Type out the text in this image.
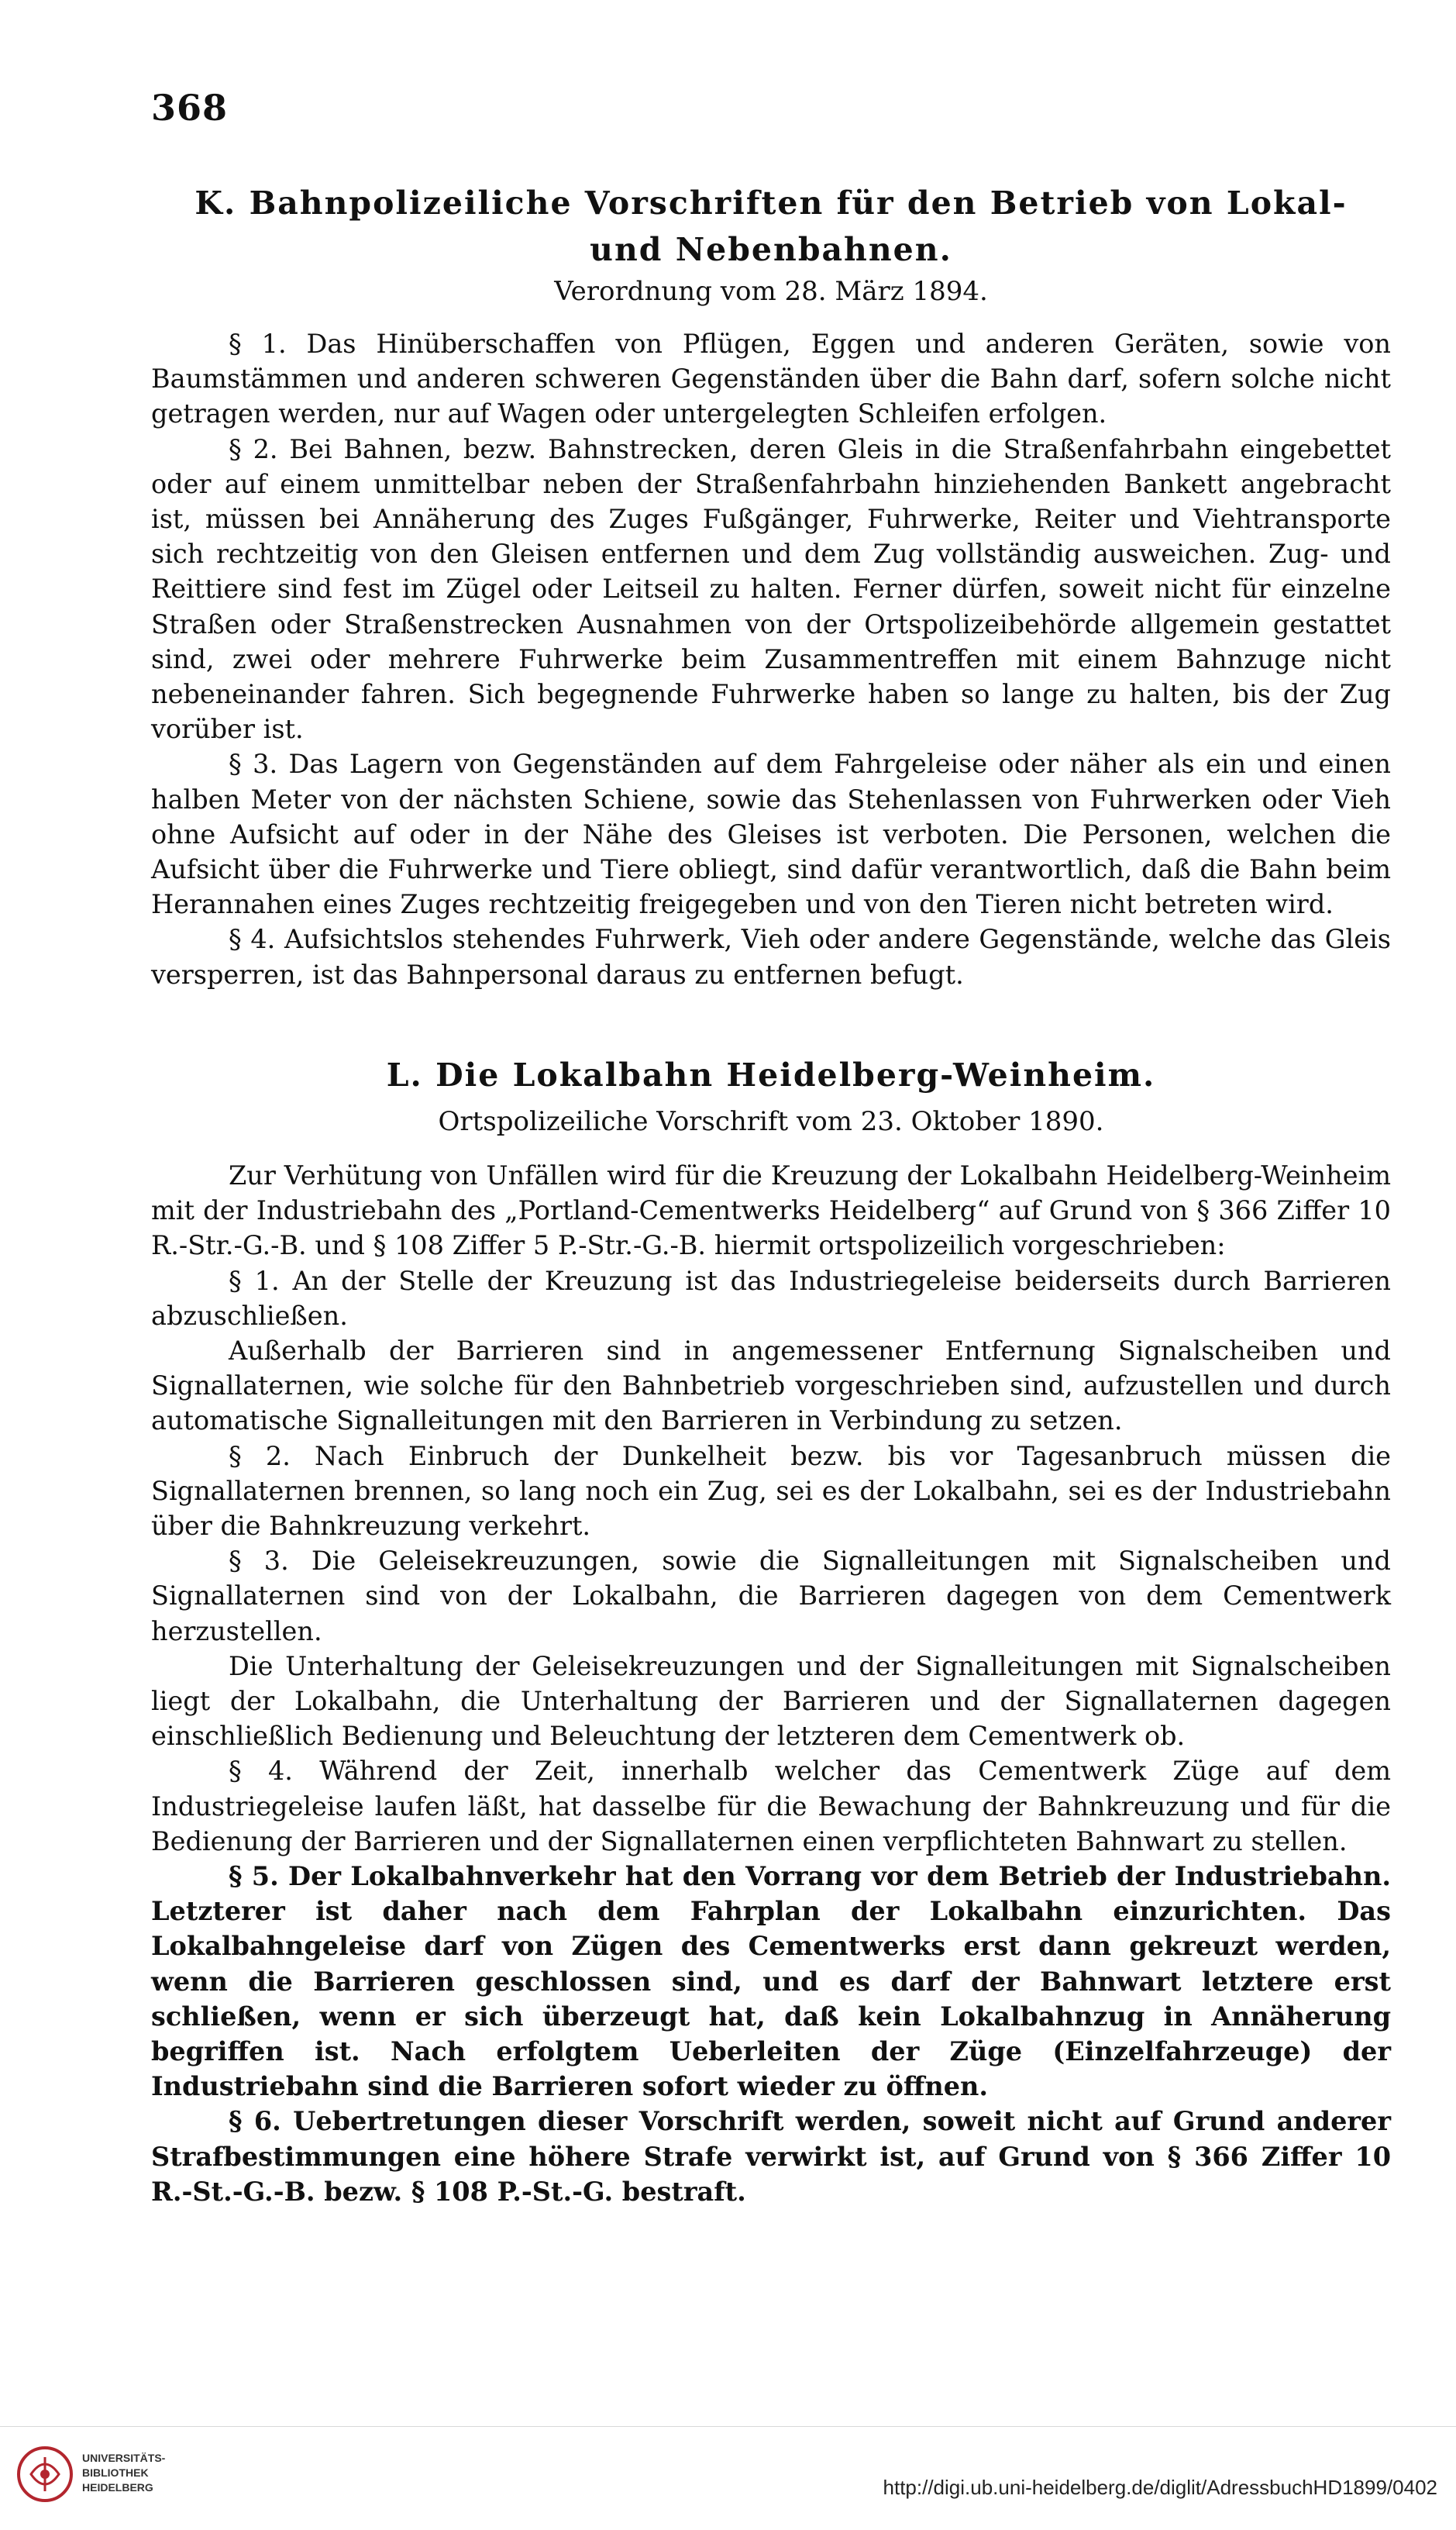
368
K. Bahnpolizeiliche Vorschriften für den Betrieb von Lokal-
und Nebenbahnen.
Verordnung vom 28. März 1894.

§ 1. Das Hinüberschaffen von Pflügen, Eggen und anderen Geräten, sowie von Baumstämmen und anderen schweren Gegenständen über die Bahn darf, sofern solche nicht getragen werden, nur auf Wagen oder untergelegten Schleifen erfolgen.

§ 2. Bei Bahnen, bezw. Bahnstrecken, deren Gleis in die Straßenfahrbahn eingebettet oder auf einem unmittelbar neben der Straßenfahrbahn hinziehenden Bankett angebracht ist, müssen bei Annäherung des Zuges Fußgänger, Fuhrwerke, Reiter und Viehtransporte sich rechtzeitig von den Gleisen entfernen und dem Zug vollständig ausweichen. Zug- und Reittiere sind fest im Zügel oder Leitseil zu halten. Ferner dürfen, soweit nicht für einzelne Straßen oder Straßenstrecken Ausnahmen von der Ortspolizeibehörde allgemein gestattet sind, zwei oder mehrere Fuhrwerke beim Zusammentreffen mit einem Bahnzuge nicht nebeneinander fahren. Sich begegnende Fuhrwerke haben so lange zu halten, bis der Zug vorüber ist.

§ 3. Das Lagern von Gegenständen auf dem Fahrgeleise oder näher als ein und einen halben Meter von der nächsten Schiene, sowie das Stehenlassen von Fuhrwerken oder Vieh ohne Aufsicht auf oder in der Nähe des Gleises ist verboten. Die Personen, welchen die Aufsicht über die Fuhrwerke und Tiere obliegt, sind dafür verantwortlich, daß die Bahn beim Herannahen eines Zuges rechtzeitig freigegeben und von den Tieren nicht betreten wird.

§ 4. Aufsichtslos stehendes Fuhrwerk, Vieh oder andere Gegenstände, welche das Gleis versperren, ist das Bahnpersonal daraus zu entfernen befugt.

L. Die Lokalbahn Heidelberg-Weinheim.
Ortspolizeiliche Vorschrift vom 23. Oktober 1890.

Zur Verhütung von Unfällen wird für die Kreuzung der Lokalbahn Heidelberg-Weinheim mit der Industriebahn des „Portland-Cementwerks Heidelberg“ auf Grund von § 366 Ziffer 10 R.-Str.-G.-B. und § 108 Ziffer 5 P.-Str.-G.-B. hiermit ortspolizeilich vorgeschrieben:

§ 1. An der Stelle der Kreuzung ist das Industriegeleise beiderseits durch Barrieren abzuschließen.

Außerhalb der Barrieren sind in angemessener Entfernung Signalscheiben und Signallaternen, wie solche für den Bahnbetrieb vorgeschrieben sind, aufzustellen und durch automatische Signalleitungen mit den Barrieren in Verbindung zu setzen.

§ 2. Nach Einbruch der Dunkelheit bezw. bis vor Tagesanbruch müssen die Signallaternen brennen, so lang noch ein Zug, sei es der Lokalbahn, sei es der Industriebahn über die Bahnkreuzung verkehrt.

§ 3. Die Geleisekreuzungen, sowie die Signalleitungen mit Signalscheiben und Signallaternen sind von der Lokalbahn, die Barrieren dagegen von dem Cementwerk herzustellen.

Die Unterhaltung der Geleisekreuzungen und der Signalleitungen mit Signalscheiben liegt der Lokalbahn, die Unterhaltung der Barrieren und der Signallaternen dagegen einschließlich Bedienung und Beleuchtung der letzteren dem Cementwerk ob.

§ 4. Während der Zeit, innerhalb welcher das Cementwerk Züge auf dem Industriegeleise laufen läßt, hat dasselbe für die Bewachung der Bahnkreuzung und für die Bedienung der Barrieren und der Signallaternen einen verpflichteten Bahnwart zu stellen.

§ 5. Der Lokalbahnverkehr hat den Vorrang vor dem Betrieb der Industriebahn. Letzterer ist daher nach dem Fahrplan der Lokalbahn einzurichten. Das Lokalbahngeleise darf von Zügen des Cementwerks erst dann gekreuzt werden, wenn die Barrieren geschlossen sind, und es darf der Bahnwart letztere erst schließen, wenn er sich überzeugt hat, daß kein Lokalbahnzug in Annäherung begriffen ist. Nach erfolgtem Ueberleiten der Züge (Einzelfahrzeuge) der Industriebahn sind die Barrieren sofort wieder zu öffnen.

§ 6. Uebertretungen dieser Vorschrift werden, soweit nicht auf Grund anderer Strafbestimmungen eine höhere Strafe verwirkt ist, auf Grund von § 366 Ziffer 10 R.-St.-G.-B. bezw. § 108 P.-St.-G. bestraft.

UNIVERSITÄTS-
BIBLIOTHEK
HEIDELBERG	http://digi.ub.uni-heidelberg.de/diglit/AdressbuchHD1899/0402
